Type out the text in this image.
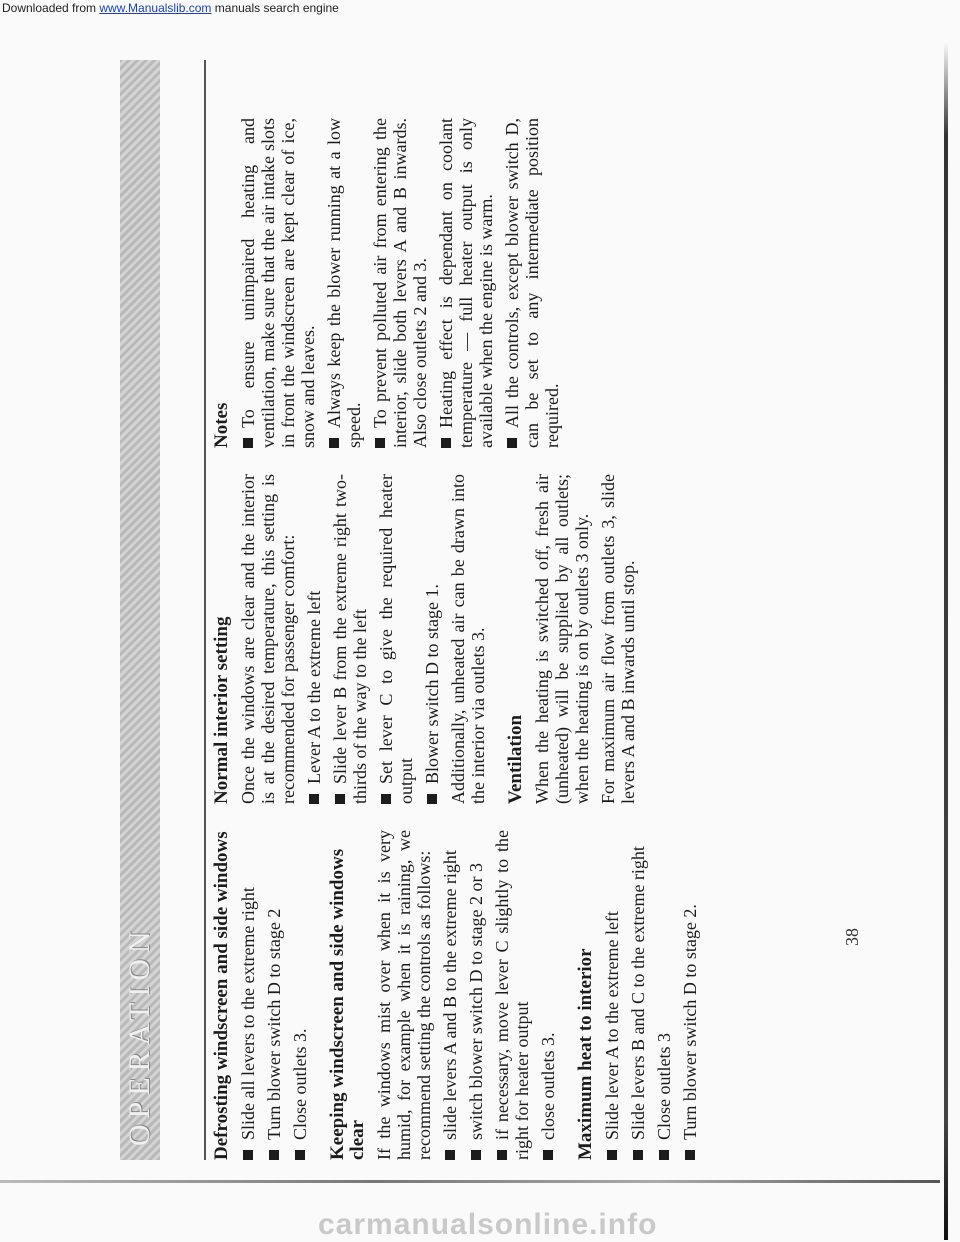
Downloaded from www.Manualslib.com manuals search engine
OPERATION	Defrosting windscreen and side windows Slide all levers to the extreme right Turn blower switch D to stage 2 Close outlets 3. Keeping windscreen and side windows clear If the windows mist over when it is very humid, for example when it is raining, we recommend setting the controls as follows: slide levers A and B to the extreme right switch blower switch D to stage 2 or 3 if necessary, move lever C slightly to the right for heater output close outlets 3. Maximum heat to interior Slide lever A to the extreme left Slide levers B and C to the extreme right Close outlets 3 Turn blower switch D to stage 2.
Normal interior setting Once the windows are clear and the interior is at the desired temperature, this setting is recommended for passenger comfort: Lever A to the extreme left Slide lever B from the extreme right two-thirds of the way to the left Set lever C to give the required heater output Blower switch D to stage 1. Additionally, unheated air can be drawn into the interior via outlets 3. Ventilation When the heating is switched off, fresh air (unheated) will be supplied by all outlets; when the heating is on by outlets 3 only. For maximum air flow from outlets 3, slide levers A and B inwards until stop.
Notes To ensure unimpaired heating and ventilation, make sure that the air intake slots in front the windscreen are kept clear of ice, snow and leaves. Always keep the blower running at a low speed. To prevent polluted air from entering the interior, slide both levers A and B inwards. Also close outlets 2 and 3. Heating effect is dependant on coolant temperature — full heater output is only available when the engine is warm. All the controls, except blower switch D, can be set to any intermediate position required.
38
carmanualsonline.info
